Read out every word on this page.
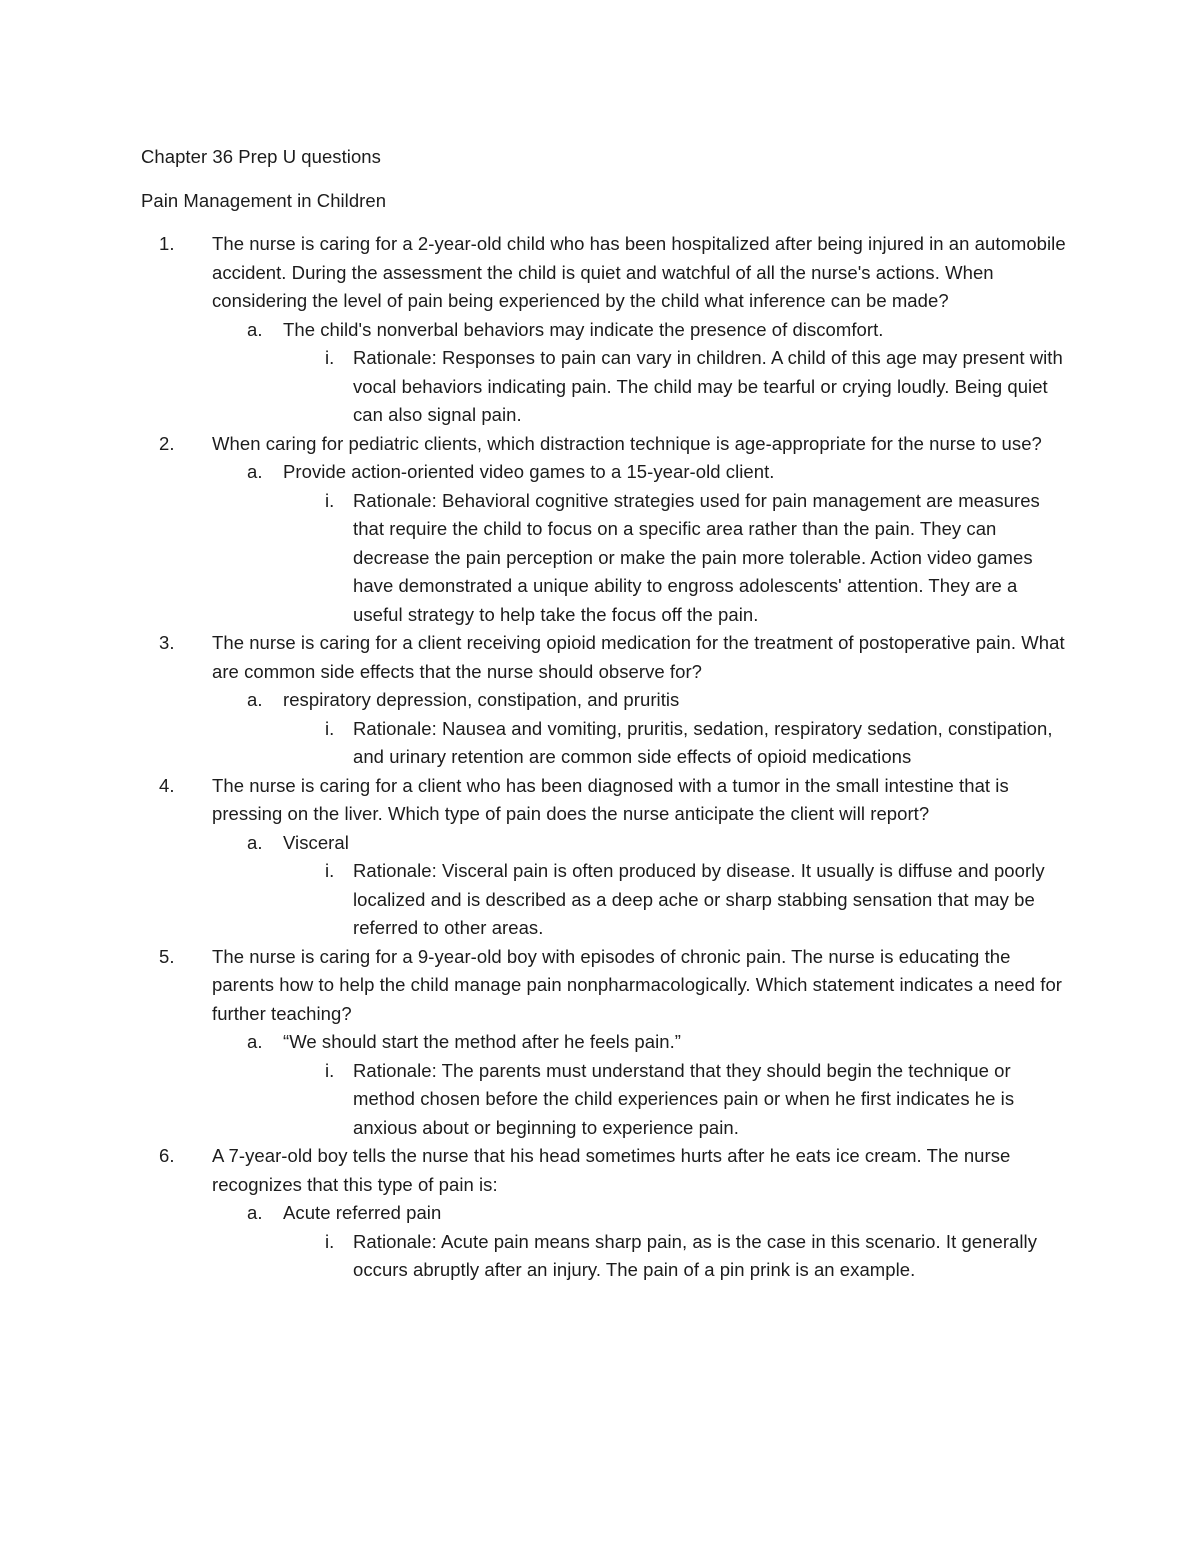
Chapter 36 Prep U questions

Pain Management in Children

1. The nurse is caring for a 2-year-old child who has been hospitalized after being injured in an automobile accident. During the assessment the child is quiet and watchful of all the nurse's actions. When considering the level of pain being experienced by the child what inference can be made?
a. The child's nonverbal behaviors may indicate the presence of discomfort.
i. Rationale: Responses to pain can vary in children. A child of this age may present with vocal behaviors indicating pain. The child may be tearful or crying loudly. Being quiet can also signal pain.
2. When caring for pediatric clients, which distraction technique is age-appropriate for the nurse to use?
a. Provide action-oriented video games to a 15-year-old client.
i. Rationale: Behavioral cognitive strategies used for pain management are measures that require the child to focus on a specific area rather than the pain. They can decrease the pain perception or make the pain more tolerable. Action video games have demonstrated a unique ability to engross adolescents' attention. They are a useful strategy to help take the focus off the pain.
3. The nurse is caring for a client receiving opioid medication for the treatment of postoperative pain. What are common side effects that the nurse should observe for?
a. respiratory depression, constipation, and pruritis
i. Rationale: Nausea and vomiting, pruritis, sedation, respiratory sedation, constipation, and urinary retention are common side effects of opioid medications
4. The nurse is caring for a client who has been diagnosed with a tumor in the small intestine that is pressing on the liver. Which type of pain does the nurse anticipate the client will report?
a. Visceral
i. Rationale: Visceral pain is often produced by disease. It usually is diffuse and poorly localized and is described as a deep ache or sharp stabbing sensation that may be referred to other areas.
5. The nurse is caring for a 9-year-old boy with episodes of chronic pain. The nurse is educating the parents how to help the child manage pain nonpharmacologically. Which statement indicates a need for further teaching?
a. “We should start the method after he feels pain.”
i. Rationale: The parents must understand that they should begin the technique or method chosen before the child experiences pain or when he first indicates he is anxious about or beginning to experience pain.
6. A 7-year-old boy tells the nurse that his head sometimes hurts after he eats ice cream. The nurse recognizes that this type of pain is:
a. Acute referred pain
i. Rationale: Acute pain means sharp pain, as is the case in this scenario. It generally occurs abruptly after an injury. The pain of a pin prink is an example.
